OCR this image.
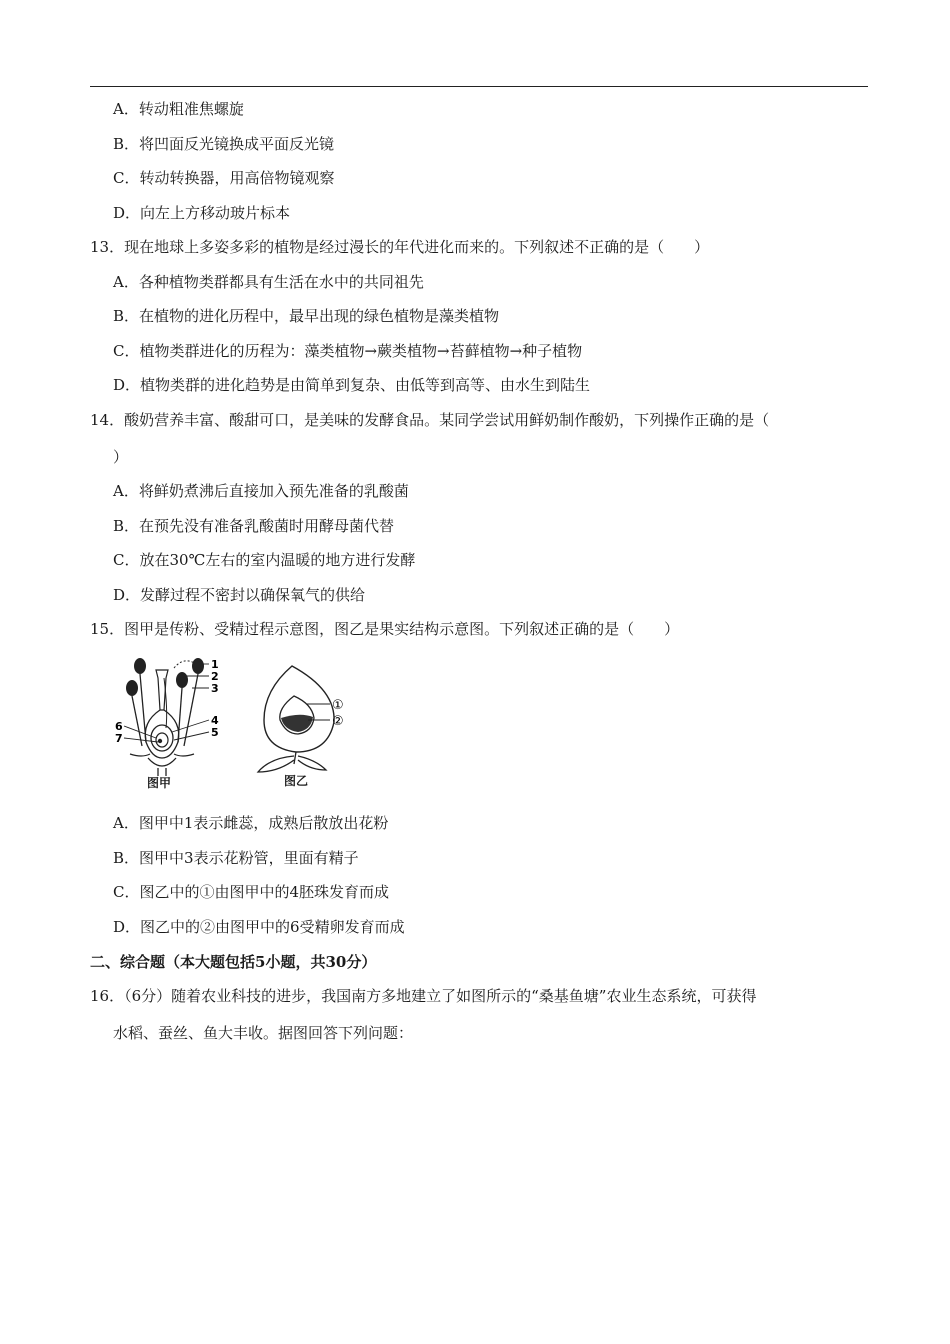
A．转动粗准焦螺旋
B．将凹面反光镜换成平面反光镜
C．转动转换器，用高倍物镜观察
D．向左上方移动玻片标本
13．现在地球上多姿多彩的植物是经过漫长的年代进化而来的。下列叙述不正确的是（　　）
A．各种植物类群都具有生活在水中的共同祖先
B．在植物的进化历程中，最早出现的绿色植物是藻类植物
C．植物类群进化的历程为：藻类植物→蕨类植物→苔藓植物→种子植物
D．植物类群的进化趋势是由简单到复杂、由低等到高等、由水生到陆生
14．酸奶营养丰富、酸甜可口，是美味的发酵食品。某同学尝试用鲜奶制作酸奶，下列操作正确的是（
）
A．将鲜奶煮沸后直接加入预先准备的乳酸菌
B．在预先没有准备乳酸菌时用酵母菌代替
C．放在30℃左右的室内温暖的地方进行发酵
D．发酵过程不密封以确保氧气的供给
15．图甲是传粉、受精过程示意图，图乙是果实结构示意图。下列叙述正确的是（　　）
1
2
3
4
5
6
7
图甲
①
②
图乙
A．图甲中1表示雌蕊，成熟后散放出花粉
B．图甲中3表示花粉管，里面有精子
C．图乙中的①由图甲中的4胚珠发育而成
D．图乙中的②由图甲中的6受精卵发育而成
二、综合题（本大题包括5小题，共30分）
16．（6分）随着农业科技的进步，我国南方多地建立了如图所示的“桑基鱼塘”农业生态系统，可获得
水稻、蚕丝、鱼大丰收。据图回答下列问题：
